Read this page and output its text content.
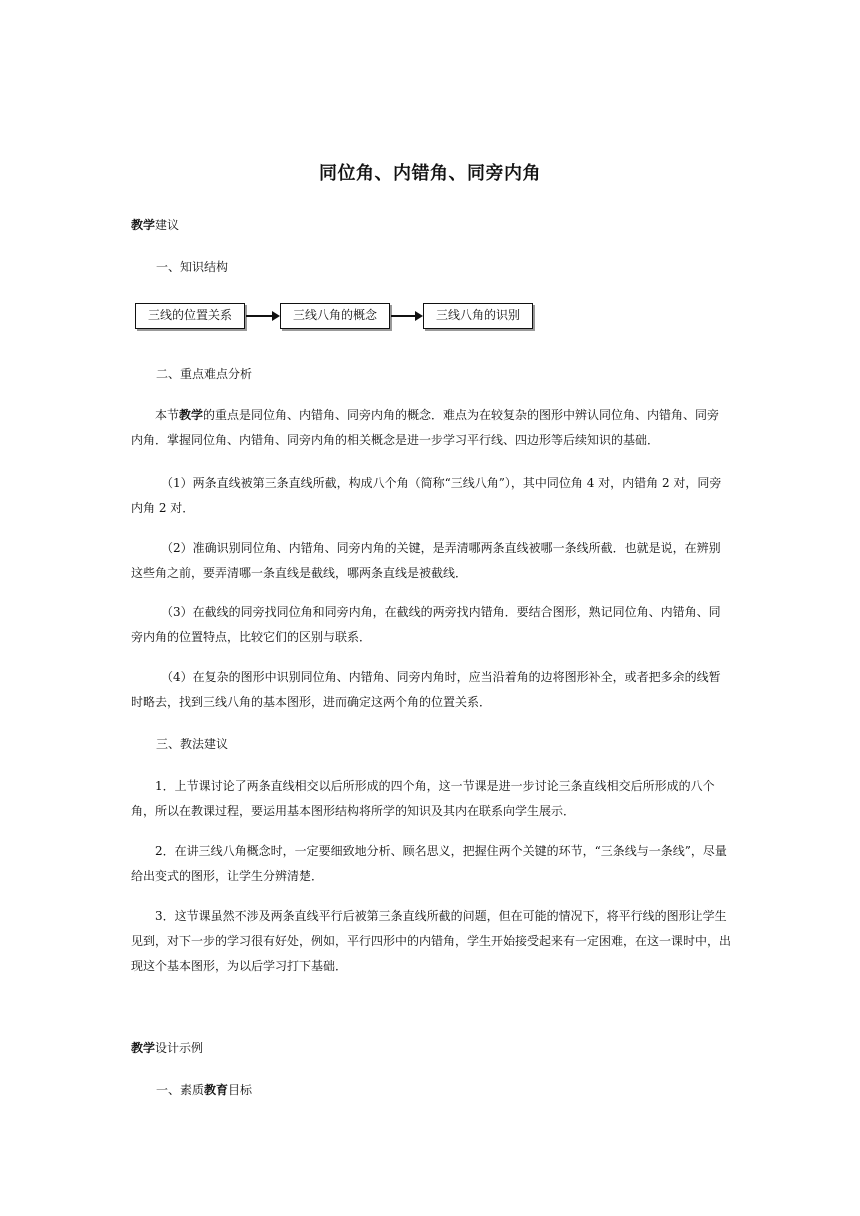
同位角、内错角、同旁内角
教学建议
一、知识结构
三线的位置关系	三线八角的概念	三线八角的识别
二、重点难点分析
本节教学的重点是同位角、内错角、同旁内角的概念．难点为在较复杂的图形中辨认同位角、内错角、同旁内角．掌握同位角、内错角、同旁内角的相关概念是进一步学习平行线、四边形等后续知识的基础．
（1）两条直线被第三条直线所截，构成八个角（简称“三线八角”），其中同位角 4 对，内错角 2 对，同旁内角 2 对．
（2）准确识别同位角、内错角、同旁内角的关键，是弄清哪两条直线被哪一条线所截．也就是说，在辨别这些角之前，要弄清哪一条直线是截线，哪两条直线是被截线．
（3）在截线的同旁找同位角和同旁内角，在截线的两旁找内错角．要结合图形，熟记同位角、内错角、同旁内角的位置特点，比较它们的区别与联系．
（4）在复杂的图形中识别同位角、内错角、同旁内角时，应当沿着角的边将图形补全，或者把多余的线暂时略去，找到三线八角的基本图形，进而确定这两个角的位置关系．
三、教法建议
1．上节课讨论了两条直线相交以后所形成的四个角，这一节课是进一步讨论三条直线相交后所形成的八个角，所以在教课过程，要运用基本图形结构将所学的知识及其内在联系向学生展示．
2．在讲三线八角概念时，一定要细致地分析、顾名思义，把握住两个关键的环节，“三条线与一条线”，尽量给出变式的图形，让学生分辨清楚．
3．这节课虽然不涉及两条直线平行后被第三条直线所截的问题，但在可能的情况下，将平行线的图形让学生见到，对下一步的学习很有好处，例如，平行四形中的内错角，学生开始接受起来有一定困难，在这一课时中，出现这个基本图形，为以后学习打下基础．
教学设计示例
一、素质教育目标
